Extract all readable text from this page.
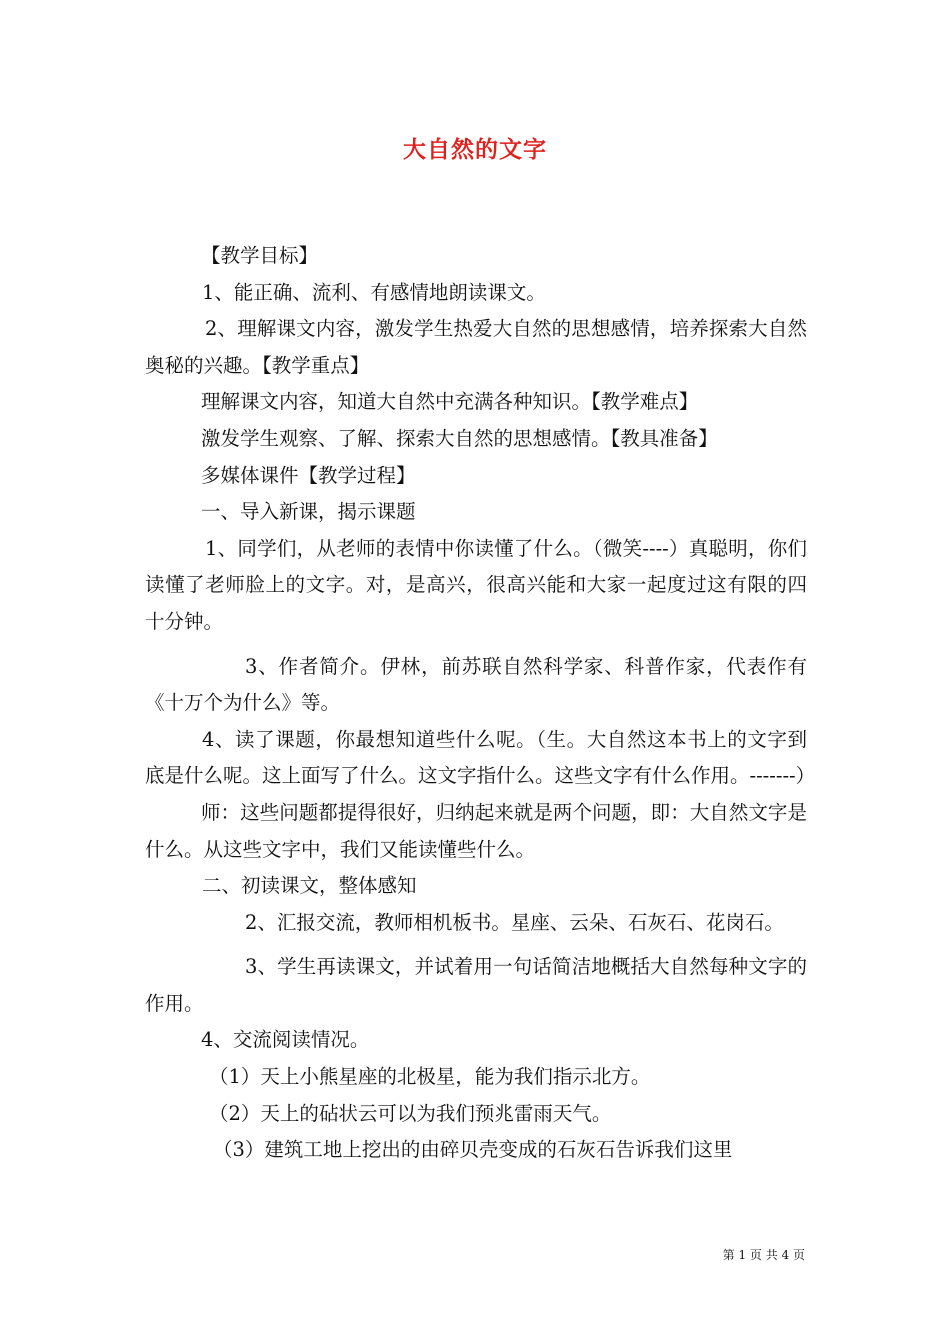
大自然的文字

【教学目标】

1、能正确、流利、有感情地朗读课文。

2、理解课文内容，激发学生热爱大自然的思想感情，培养探索大自然奥秘的兴趣。【教学重点】

理解课文内容，知道大自然中充满各种知识。【教学难点】

激发学生观察、了解、探索大自然的思想感情。【教具准备】

多媒体课件【教学过程】

一、导入新课，揭示课题

1、同学们，从老师的表情中你读懂了什么。（微笑----）真聪明，你们读懂了老师脸上的文字。对，是高兴，很高兴能和大家一起度过这有限的四十分钟。

3、作者简介。伊林，前苏联自然科学家、科普作家，代表作有《十万个为什么》等。

4、读了课题，你最想知道些什么呢。（生。大自然这本书上的文字到底是什么呢。这上面写了什么。这文字指什么。这些文字有什么作用。-------）

师：这些问题都提得很好，归纳起来就是两个问题，即：大自然文字是什么。从这些文字中，我们又能读懂些什么。

二、初读课文，整体感知

2、汇报交流，教师相机板书。星座、云朵、石灰石、花岗石。

3、学生再读课文，并试着用一句话简洁地概括大自然每种文字的作用。

4、交流阅读情况。

（1）天上小熊星座的北极星，能为我们指示北方。

（2）天上的砧状云可以为我们预兆雷雨天气。

（3）建筑工地上挖出的由碎贝壳变成的石灰石告诉我们这里

第 1 页 共 4 页
